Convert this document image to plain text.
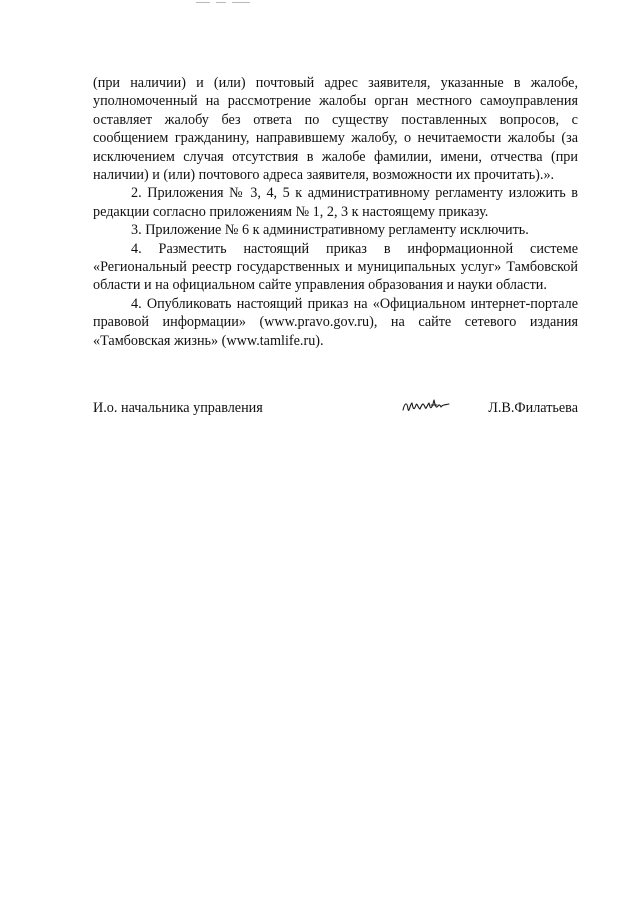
(при наличии) и (или) почтовый адрес заявителя, указанные в жалобе, уполномоченный на рассмотрение жалобы орган местного самоуправления оставляет жалобу без ответа по существу поставленных вопросов, с сообщением гражданину, направившему жалобу, о нечитаемости жалобы (за исключением случая отсутствия в жалобе фамилии, имени, отчества (при наличии) и (или) почтового адреса заявителя, возможности их прочитать).».

2. Приложения № 3, 4, 5 к административному регламенту изложить в редакции согласно приложениям № 1, 2, 3 к настоящему приказу.

3. Приложение № 6 к административному регламенту исключить.

4. Разместить настоящий приказ в информационной системе «Региональный реестр государственных и муниципальных услуг» Тамбовской области и на официальном сайте управления образования и науки области.

4. Опубликовать настоящий приказ на «Официальном интернет-портале правовой информации» (www.pravo.gov.ru), на сайте сетевого издания «Тамбовская жизнь» (www.tamlife.ru).

И.о. начальника управления	Л.В.Филатьева
